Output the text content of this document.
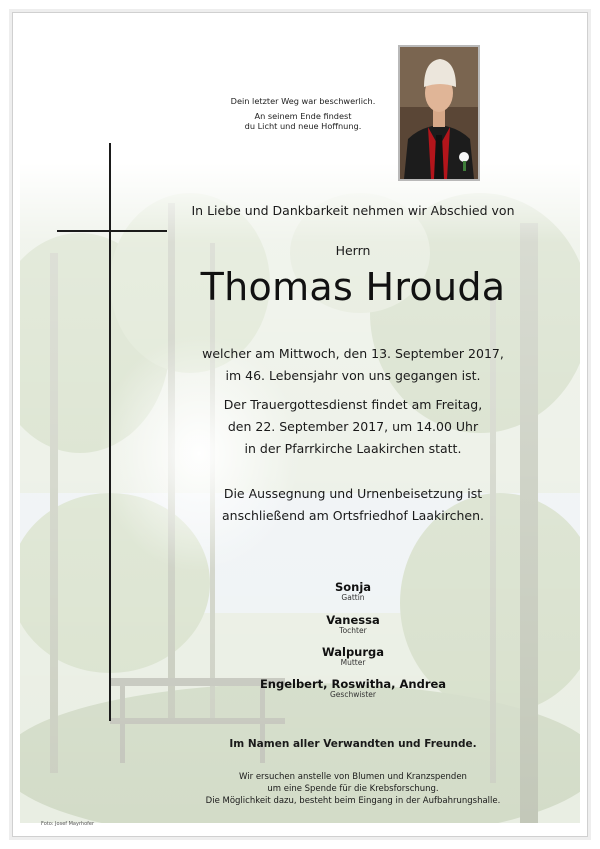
Dein letzter Weg war beschwerlich.
An seinem Ende findest
du Licht und neue Hoffnung.
In Liebe und Dankbarkeit nehmen wir Abschied von
Herrn
Thomas Hrouda
welcher am Mittwoch, den 13. September 2017,
im 46. Lebensjahr von uns gegangen ist.
Der Trauergottesdienst findet am Freitag,
den 22. September 2017, um 14.00 Uhr
in der Pfarrkirche Laakirchen statt.
Die Aussegnung und Urnenbeisetzung ist
anschließend am Ortsfriedhof Laakirchen.
Sonja
Gattin
Vanessa
Tochter
Walpurga
Mutter
Engelbert, Roswitha, Andrea
Geschwister
Im Namen aller Verwandten und Freunde.
Wir ersuchen anstelle von Blumen und Kranzspenden
um eine Spende für die Krebsforschung.
Die Möglichkeit dazu, besteht beim Eingang in der Aufbahrungshalle.
Foto: Josef Mayrhofer
